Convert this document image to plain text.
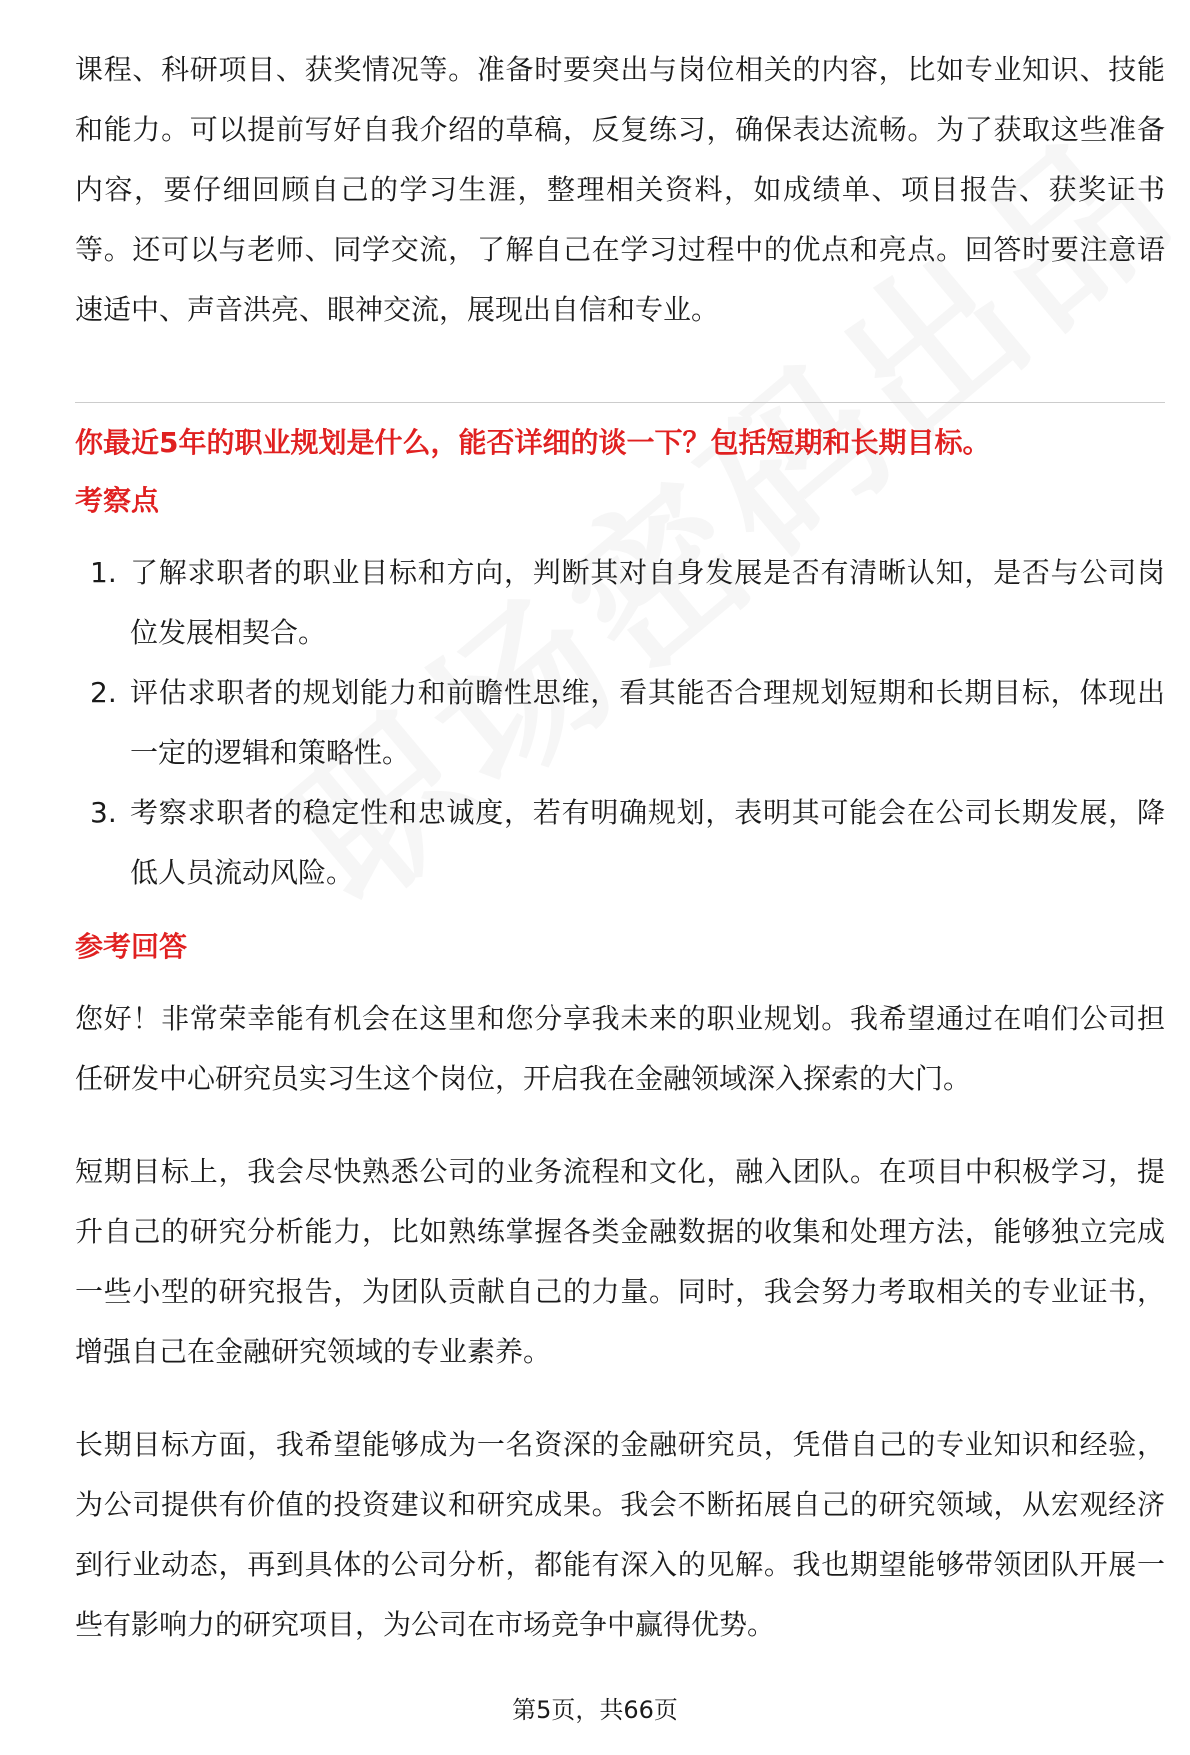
课程、科研项目、获奖情况等。准备时要突出与岗位相关的内容，比如专业知识、技能和能力。可以提前写好自我介绍的草稿，反复练习，确保表达流畅。为了获取这些准备内容，要仔细回顾自己的学习生涯，整理相关资料，如成绩单、项目报告、获奖证书等。还可以与老师、同学交流，了解自己在学习过程中的优点和亮点。回答时要注意语速适中、声音洪亮、眼神交流，展现出自信和专业。

你最近5年的职业规划是什么，能否详细的谈一下？包括短期和长期目标。
考察点
1. 了解求职者的职业目标和方向，判断其对自身发展是否有清晰认知，是否与公司岗位发展相契合。
2. 评估求职者的规划能力和前瞻性思维，看其能否合理规划短期和长期目标，体现出一定的逻辑和策略性。
3. 考察求职者的稳定性和忠诚度，若有明确规划，表明其可能会在公司长期发展，降低人员流动风险。
参考回答

您好！非常荣幸能有机会在这里和您分享我未来的职业规划。我希望通过在咱们公司担任研发中心研究员实习生这个岗位，开启我在金融领域深入探索的大门。

短期目标上，我会尽快熟悉公司的业务流程和文化，融入团队。在项目中积极学习，提升自己的研究分析能力，比如熟练掌握各类金融数据的收集和处理方法，能够独立完成一些小型的研究报告，为团队贡献自己的力量。同时，我会努力考取相关的专业证书，增强自己在金融研究领域的专业素养。

长期目标方面，我希望能够成为一名资深的金融研究员，凭借自己的专业知识和经验，为公司提供有价值的投资建议和研究成果。我会不断拓展自己的研究领域，从宏观经济到行业动态，再到具体的公司分析，都能有深入的见解。我也期望能够带领团队开展一些有影响力的研究项目，为公司在市场竞争中赢得优势。

第5页，共66页
